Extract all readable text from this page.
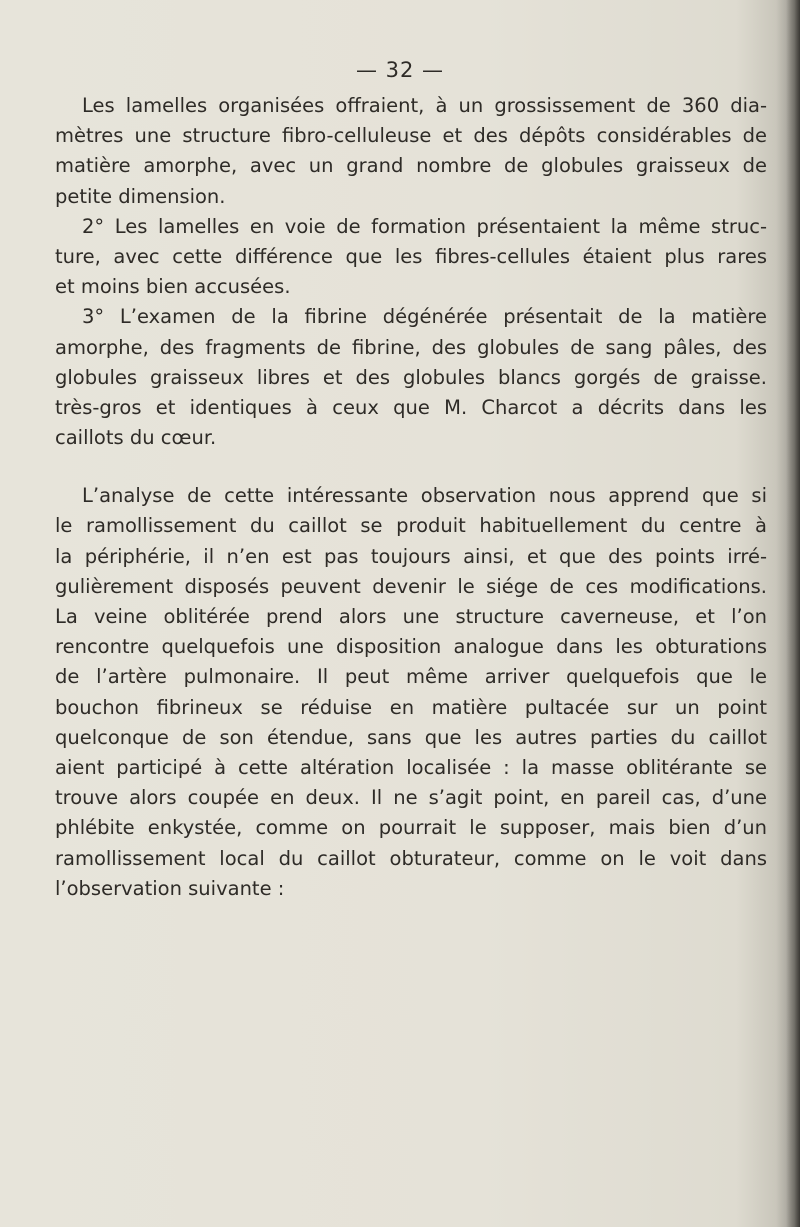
— 32 —

Les lamelles organisées offraient, à un grossissement de 360 dia-
mètres une structure fibro-celluleuse et des dépôts considérables de
matière amorphe, avec un grand nombre de globules graisseux de
petite dimension.

2° Les lamelles en voie de formation présentaient la même struc-
ture, avec cette différence que les fibres-cellules étaient plus rares
et moins bien accusées.

3° L’examen de la fibrine dégénérée présentait de la matière
amorphe, des fragments de fibrine, des globules de sang pâles, des
globules graisseux libres et des globules blancs gorgés de graisse.
très-gros et identiques à ceux que M. Charcot a décrits dans les
caillots du cœur.

L’analyse de cette intéressante observation nous apprend que si
le ramollissement du caillot se produit habituellement du centre à
la périphérie, il n’en est pas toujours ainsi, et que des points irré-
gulièrement disposés peuvent devenir le siége de ces modifications.
La veine oblitérée prend alors une structure caverneuse, et l’on
rencontre quelquefois une disposition analogue dans les obturations
de l’artère pulmonaire. Il peut même arriver quelquefois que le
bouchon fibrineux se réduise en matière pultacée sur un point
quelconque de son étendue, sans que les autres parties du caillot
aient participé à cette altération localisée : la masse oblitérante se
trouve alors coupée en deux. Il ne s’agit point, en pareil cas, d’une
phlébite enkystée, comme on pourrait le supposer, mais bien d’un
ramollissement local du caillot obturateur, comme on le voit dans
l’observation suivante :
